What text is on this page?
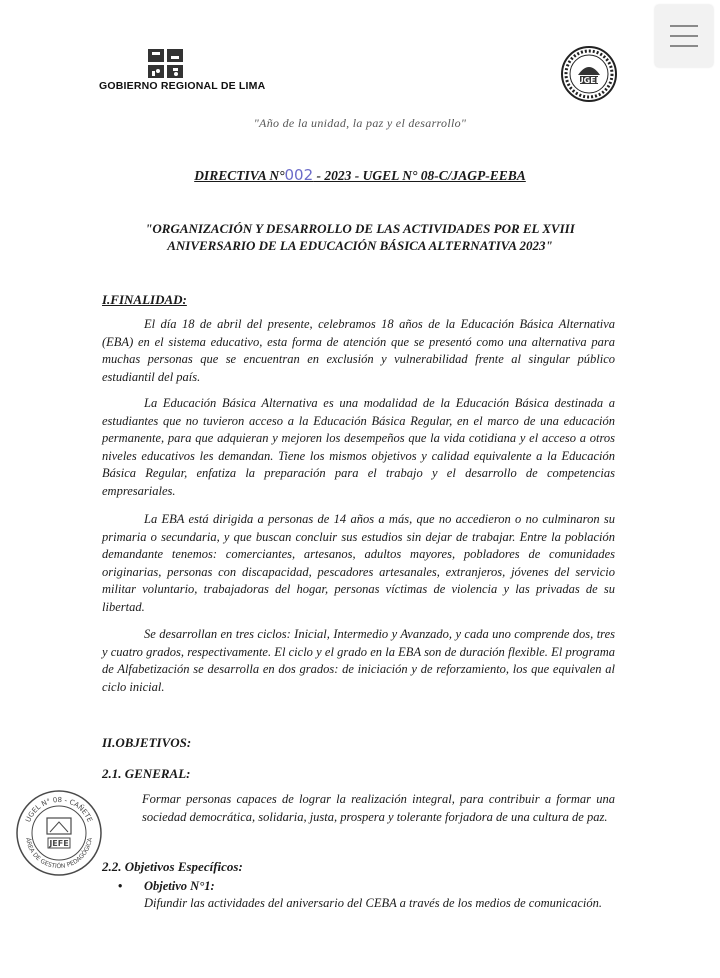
GOBIERNO REGIONAL DE LIMA	UGEL
"Año de la unidad, la paz y el desarrollo"
DIRECTIVA N°002 - 2023 - UGEL N° 08-C/JAGP-EEBA
"ORGANIZACIÓN Y DESARROLLO DE LAS ACTIVIDADES POR EL XVIII ANIVERSARIO DE LA EDUCACIÓN BÁSICA ALTERNATIVA 2023"
I.FINALIDAD:

El día 18 de abril del presente, celebramos 18 años de la Educación Básica Alternativa (EBA) en el sistema educativo, esta forma de atención que se presentó como una alternativa para muchas personas que se encuentran en exclusión y vulnerabilidad frente al singular público estudiantil del país.

La Educación Básica Alternativa es una modalidad de la Educación Básica destinada a estudiantes que no tuvieron acceso a la Educación Básica Regular, en el marco de una educación permanente, para que adquieran y mejoren los desempeños que la vida cotidiana y el acceso a otros niveles educativos les demandan. Tiene los mismos objetivos y calidad equivalente a la Educación Básica Regular, enfatiza la preparación para el trabajo y el desarrollo de competencias empresariales.

La EBA está dirigida a personas de 14 años a más, que no accedieron o no culminaron su primaria o secundaria, y que buscan concluir sus estudios sin dejar de trabajar. Entre la población demandante tenemos: comerciantes, artesanos, adultos mayores, pobladores de comunidades originarias, personas con discapacidad, pescadores artesanales, extranjeros, jóvenes del servicio militar voluntario, trabajadoras del hogar, personas víctimas de violencia y las privadas de su libertad.

Se desarrollan en tres ciclos: Inicial, Intermedio y Avanzado, y cada uno comprende dos, tres y cuatro grados, respectivamente. El ciclo y el grado en la EBA son de duración flexible. El programa de Alfabetización se desarrolla en dos grados: de iniciación y de reforzamiento, los que equivalen al ciclo inicial.

II.OBJETIVOS:
2.1. GENERAL:

Formar personas capaces de lograr la realización integral, para contribuir a formar una sociedad democrática, solidaria, justa, prospera y tolerante forjadora de una cultura de paz.

2.2. Objetivos Específicos:
• Objetivo N°1:

Difundir las actividades del aniversario del CEBA a través de los medios de comunicación.

UGEL N° 08 - CAÑETE
ÁREA DE GESTIÓN PEDAGÓGICA
JEFE
